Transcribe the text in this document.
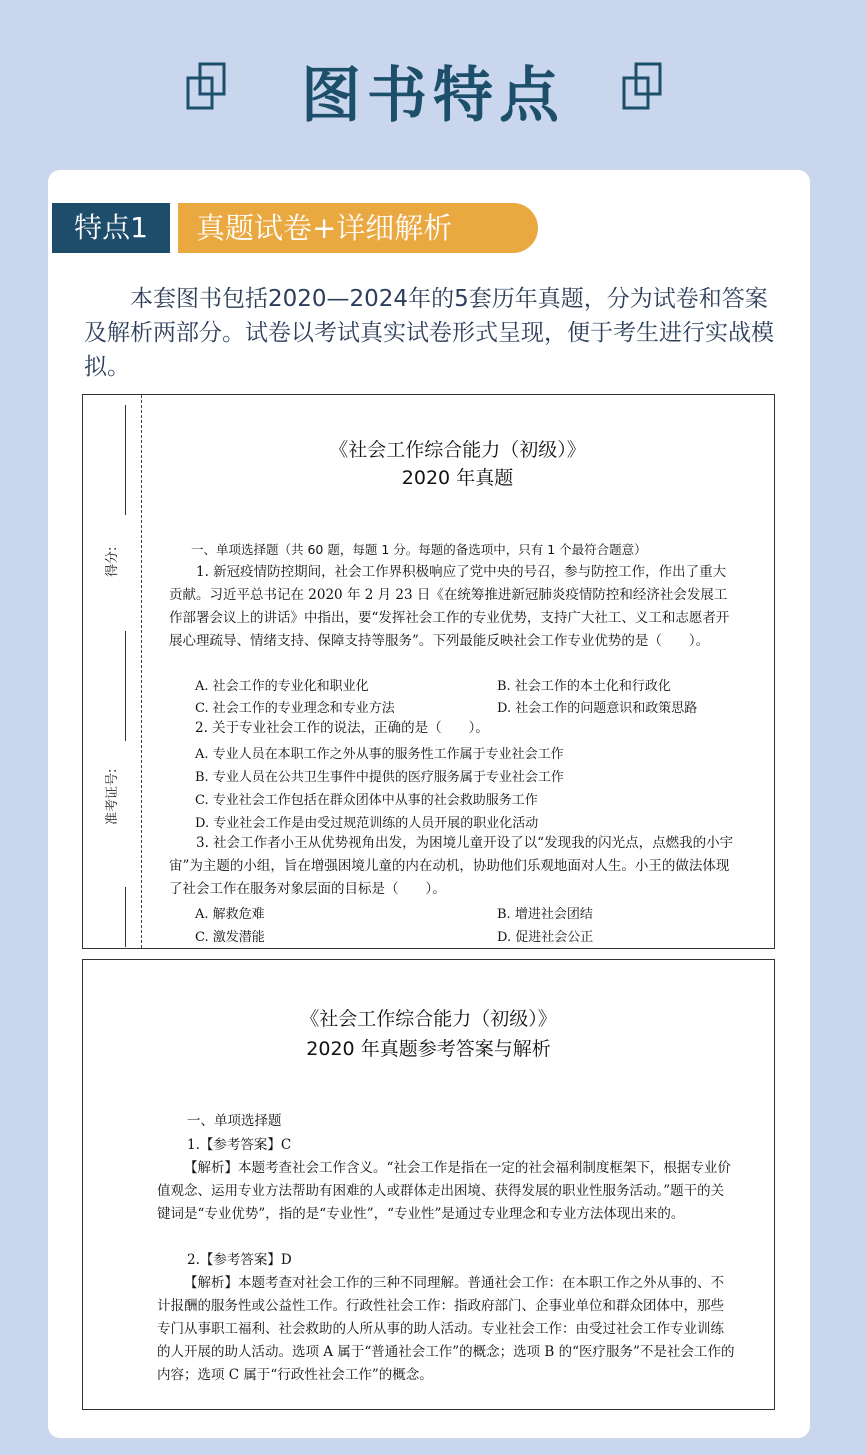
图书特点
特点1	真题试卷+详细解析
本套图书包括2020—2024年的5套历年真题，分为试卷和答案及解析两部分。试卷以考试真实试卷形式呈现，便于考生进行实战模拟。
得分:
准考证号:
《社会工作综合能力（初级）》
2020 年真题
一、单项选择题（共 60 题，每题 1 分。每题的备选项中，只有 1 个最符合题意）
1. 新冠疫情防控期间，社会工作界积极响应了党中央的号召，参与防控工作，作出了重大贡献。习近平总书记在 2020 年 2 月 23 日《在统筹推进新冠肺炎疫情防控和经济社会发展工作部署会议上的讲话》中指出，要“发挥社会工作的专业优势，支持广大社工、义工和志愿者开展心理疏导、情绪支持、保障支持等服务”。下列最能反映社会工作专业优势的是（　　）。
A. 社会工作的专业化和职业化	B. 社会工作的本土化和行政化
C. 社会工作的专业理念和专业方法	D. 社会工作的问题意识和政策思路
2. 关于专业社会工作的说法，正确的是（　　）。
A. 专业人员在本职工作之外从事的服务性工作属于专业社会工作
B. 专业人员在公共卫生事件中提供的医疗服务属于专业社会工作
C. 专业社会工作包括在群众团体中从事的社会救助服务工作
D. 专业社会工作是由受过规范训练的人员开展的职业化活动
3. 社会工作者小王从优势视角出发，为困境儿童开设了以“发现我的闪光点，点燃我的小宇宙”为主题的小组，旨在增强困境儿童的内在动机，协助他们乐观地面对人生。小王的做法体现了社会工作在服务对象层面的目标是（　　）。
A. 解救危难	B. 增进社会团结
C. 激发潜能	D. 促进社会公正
《社会工作综合能力（初级）》
2020 年真题参考答案与解析
一、单项选择题
1.【参考答案】C
【解析】本题考查社会工作含义。“社会工作是指在一定的社会福利制度框架下，根据专业价值观念、运用专业方法帮助有困难的人或群体走出困境、获得发展的职业性服务活动。”题干的关键词是“专业优势”，指的是“专业性”，“专业性”是通过专业理念和专业方法体现出来的。
2.【参考答案】D
【解析】本题考查对社会工作的三种不同理解。普通社会工作：在本职工作之外从事的、不计报酬的服务性或公益性工作。行政性社会工作：指政府部门、企事业单位和群众团体中，那些专门从事职工福利、社会救助的人所从事的助人活动。专业社会工作：由受过社会工作专业训练的人开展的助人活动。选项 A 属于“普通社会工作”的概念；选项 B 的“医疗服务”不是社会工作的内容；选项 C 属于“行政性社会工作”的概念。
